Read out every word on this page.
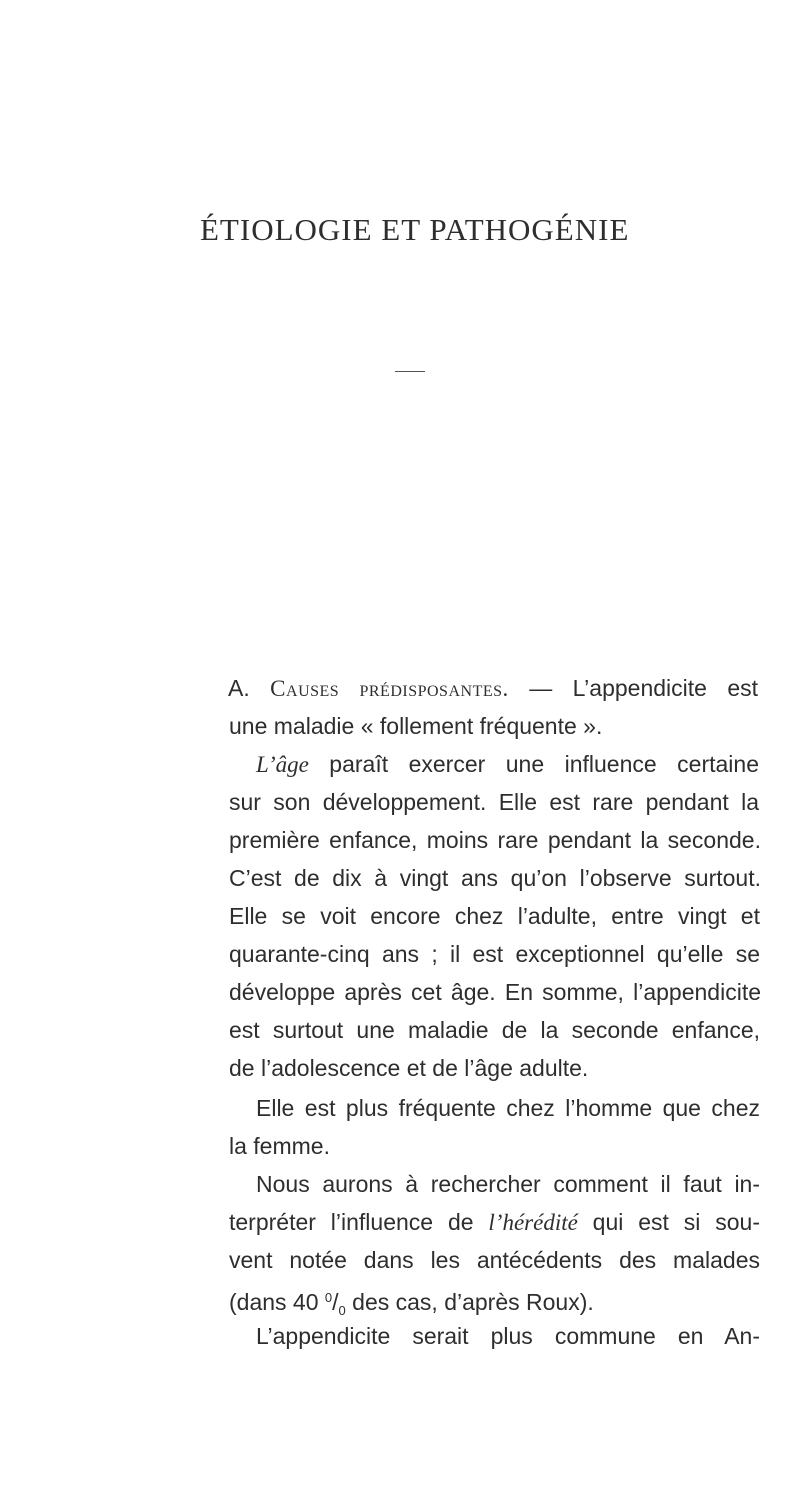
ÉTIOLOGIE ET PATHOGÉNIE
A. Causes prédisposantes. — L’appendicite est
une maladie « follement fréquente ».
L’âge paraît exercer une influence certaine
sur son développement. Elle est rare pendant la
première enfance, moins rare pendant la seconde.
C’est de dix à vingt ans qu’on l’observe surtout.
Elle se voit encore chez l’adulte, entre vingt et
quarante-cinq ans ; il est exceptionnel qu’elle se
développe après cet âge. En somme, l’appendicite
est surtout une maladie de la seconde enfance,
de l’adolescence et de l’âge adulte.
Elle est plus fréquente chez l’homme que chez
la femme.
Nous aurons à rechercher comment il faut in-
terpréter l’influence de l’hérédité qui est si sou-
vent notée dans les antécédents des malades
(dans 40 $^0/_0$ des cas, d’après Roux).
L’appendicite serait plus commune en An-
